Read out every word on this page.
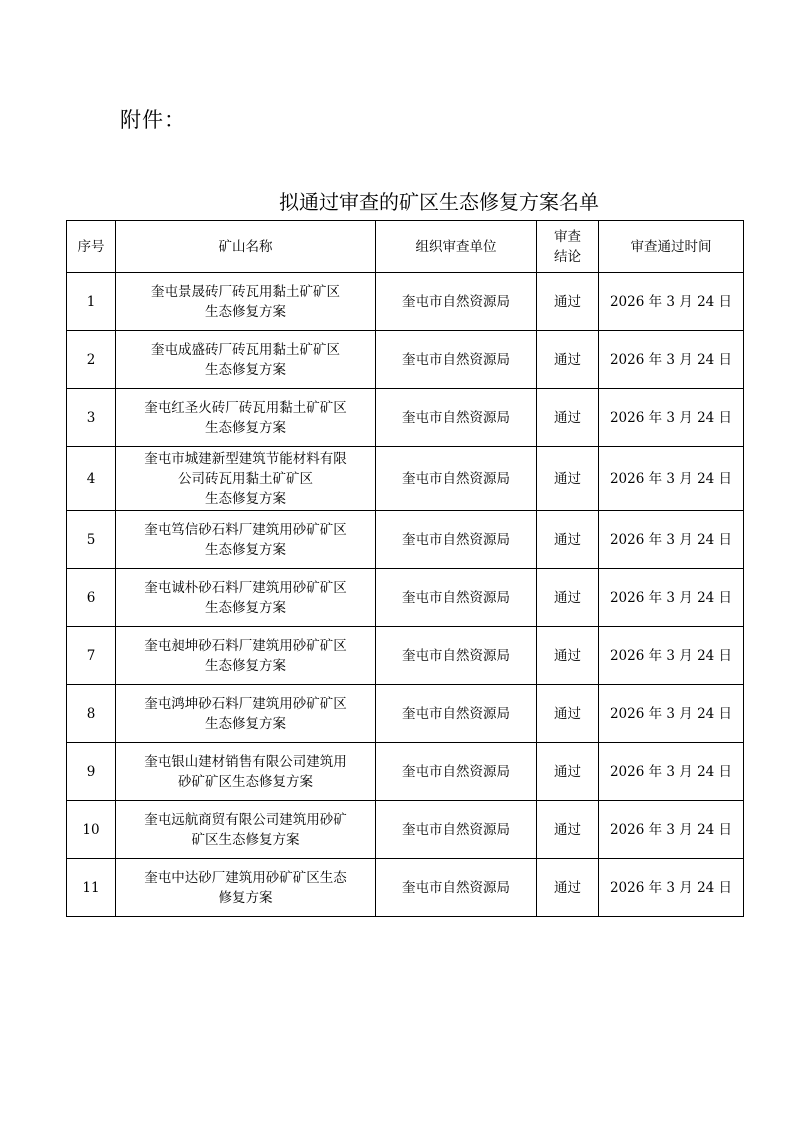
附件：
拟通过审查的矿区生态修复方案名单
序号	矿山名称	组织审查单位	审查
结论	审查通过时间
1	奎屯景晟砖厂砖瓦用黏土矿矿区
生态修复方案	奎屯市自然资源局	通过	2026 年 3 月 24 日
2	奎屯成盛砖厂砖瓦用黏土矿矿区
生态修复方案	奎屯市自然资源局	通过	2026 年 3 月 24 日
3	奎屯红圣火砖厂砖瓦用黏土矿矿区
生态修复方案	奎屯市自然资源局	通过	2026 年 3 月 24 日
4	奎屯市城建新型建筑节能材料有限
公司砖瓦用黏土矿矿区
生态修复方案	奎屯市自然资源局	通过	2026 年 3 月 24 日
5	奎屯笃信砂石料厂建筑用砂矿矿区
生态修复方案	奎屯市自然资源局	通过	2026 年 3 月 24 日
6	奎屯诚朴砂石料厂建筑用砂矿矿区
生态修复方案	奎屯市自然资源局	通过	2026 年 3 月 24 日
7	奎屯昶坤砂石料厂建筑用砂矿矿区
生态修复方案	奎屯市自然资源局	通过	2026 年 3 月 24 日
8	奎屯鸿坤砂石料厂建筑用砂矿矿区
生态修复方案	奎屯市自然资源局	通过	2026 年 3 月 24 日
9	奎屯银山建材销售有限公司建筑用
砂矿矿区生态修复方案	奎屯市自然资源局	通过	2026 年 3 月 24 日
10	奎屯远航商贸有限公司建筑用砂矿
矿区生态修复方案	奎屯市自然资源局	通过	2026 年 3 月 24 日
11	奎屯中达砂厂建筑用砂矿矿区生态
修复方案	奎屯市自然资源局	通过	2026 年 3 月 24 日
